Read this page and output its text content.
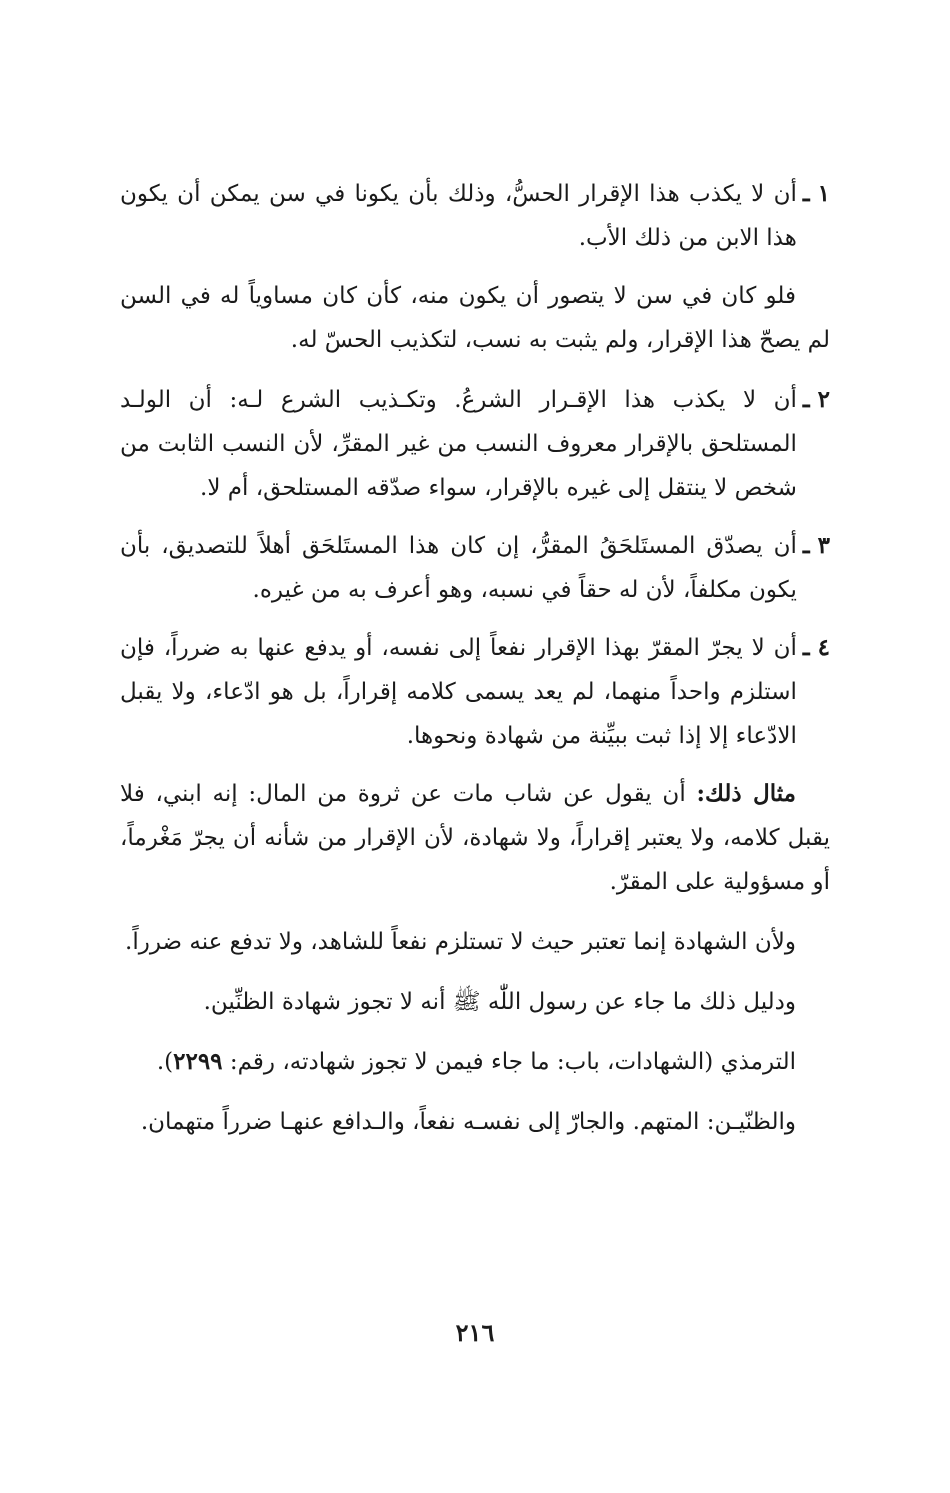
١ ـ
أن لا يكذب هذا الإقرار الحسُّ، وذلك بأن يكونا في سن يمكن أن يكون هذا الابن من ذلك الأب.

فلو كان في سن لا يتصور أن يكون منه، كأن كان مساوياً له في السن لم يصحّ هذا الإقرار، ولم يثبت به نسب، لتكذيب الحسّ له.

٢ ـ
أن لا يكذب هذا الإقـرار الشرعُ. وتكـذيب الشرع لـه: أن الولـد المستلحق بالإقرار معروف النسب من غير المقرِّ، لأن النسب الثابت من شخص لا ينتقل إلى غيره بالإقرار، سواء صدّقه المستلحق، أم لا.
٣ ـ
أن يصدّق المستَلحَقُ المقرُّ، إن كان هذا المستَلحَق أهلاً للتصديق، بأن يكون مكلفاً، لأن له حقاً في نسبه، وهو أعرف به من غيره.
٤ ـ
أن لا يجرّ المقرّ بهذا الإقرار نفعاً إلى نفسه، أو يدفع عنها به ضرراً، فإن استلزم واحداً منهما، لم يعد يسمى كلامه إقراراً، بل هو ادّعاء، ولا يقبل الادّعاء إلا إذا ثبت ببيِّنة من شهادة ونحوها.

مثال ذلك: أن يقول عن شاب مات عن ثروة من المال: إنه ابني، فلا يقبل كلامه، ولا يعتبر إقراراً، ولا شهادة، لأن الإقرار من شأنه أن يجرّ مَغْرماً، أو مسؤولية على المقرّ.

ولأن الشهادة إنما تعتبر حيث لا تستلزم نفعاً للشاهد، ولا تدفع عنه ضرراً.

ودليل ذلك ما جاء عن رسول اللّٰه ﷺ أنه لا تجوز شهادة الظنِّين.

الترمذي (الشهادات، باب: ما جاء فيمن لا تجوز شهادته، رقم: ٢٢٩٩).

والظنّيـن: المتهم. والجارّ إلى نفسـه نفعاً، والـدافع عنهـا ضرراً متهمان.

٢١٦
